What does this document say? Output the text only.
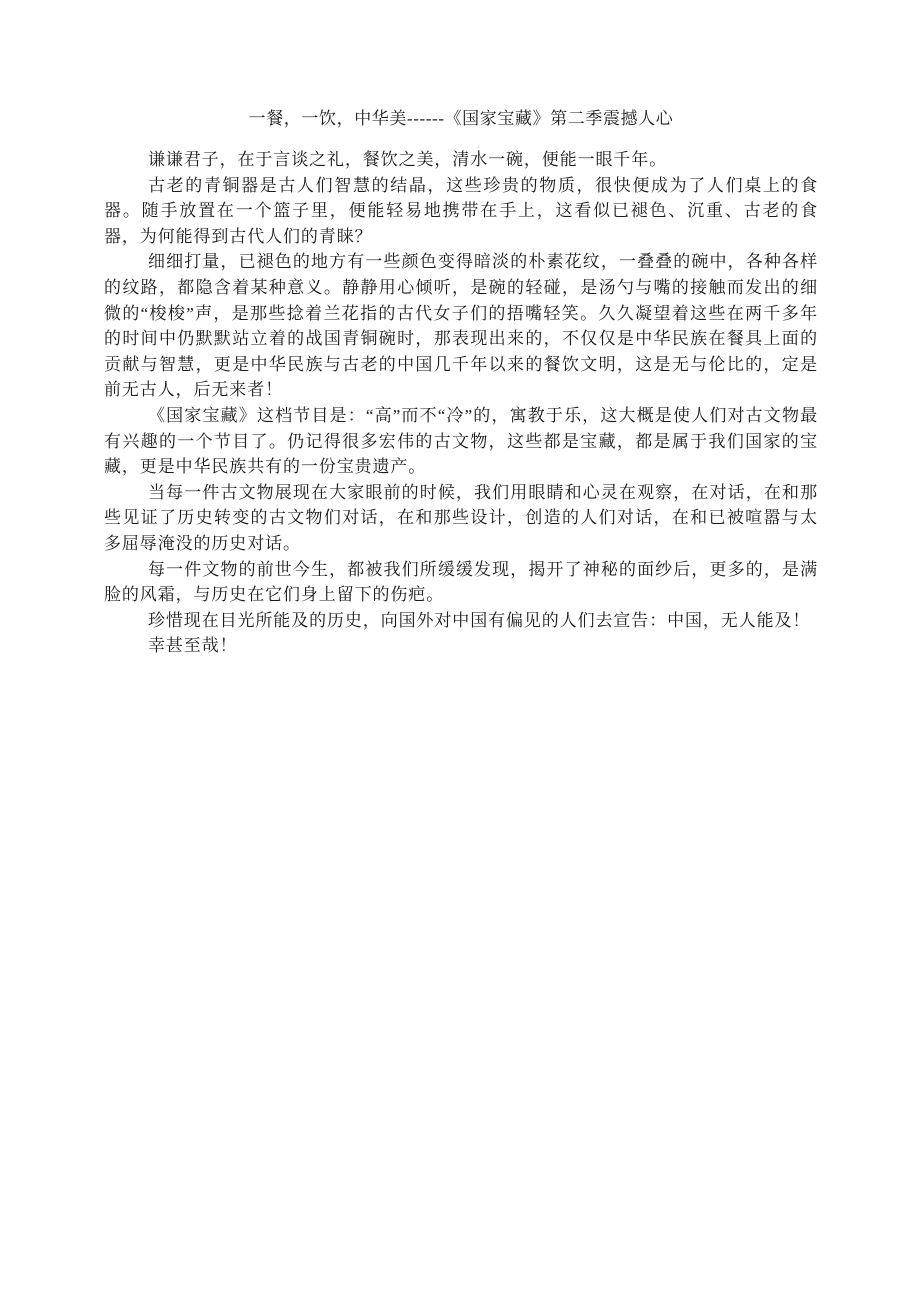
一餐，一饮，中华美------《国家宝藏》第二季震撼人心

谦谦君子，在于言谈之礼，餐饮之美，清水一碗，便能一眼千年。

古老的青铜器是古人们智慧的结晶，这些珍贵的物质，很快便成为了人们桌上的食器。随手放置在一个篮子里，便能轻易地携带在手上，这看似已褪色、沉重、古老的食器，为何能得到古代人们的青睐？

细细打量，已褪色的地方有一些颜色变得暗淡的朴素花纹，一叠叠的碗中，各种各样的纹路，都隐含着某种意义。静静用心倾听，是碗的轻碰，是汤勺与嘴的接触而发出的细微的“梭梭”声，是那些捻着兰花指的古代女子们的捂嘴轻笑。久久凝望着这些在两千多年的时间中仍默默站立着的战国青铜碗时，那表现出来的，不仅仅是中华民族在餐具上面的贡献与智慧，更是中华民族与古老的中国几千年以来的餐饮文明，这是无与伦比的，定是前无古人，后无来者！

《国家宝藏》这档节目是：“高”而不“冷”的，寓教于乐，这大概是使人们对古文物最有兴趣的一个节目了。仍记得很多宏伟的古文物，这些都是宝藏，都是属于我们国家的宝藏，更是中华民族共有的一份宝贵遗产。

当每一件古文物展现在大家眼前的时候，我们用眼睛和心灵在观察，在对话，在和那些见证了历史转变的古文物们对话，在和那些设计，创造的人们对话，在和已被喧嚣与太多屈辱淹没的历史对话。

每一件文物的前世今生，都被我们所缓缓发现，揭开了神秘的面纱后，更多的，是满脸的风霜，与历史在它们身上留下的伤疤。

珍惜现在目光所能及的历史，向国外对中国有偏见的人们去宣告：中国，无人能及！

幸甚至哉！
